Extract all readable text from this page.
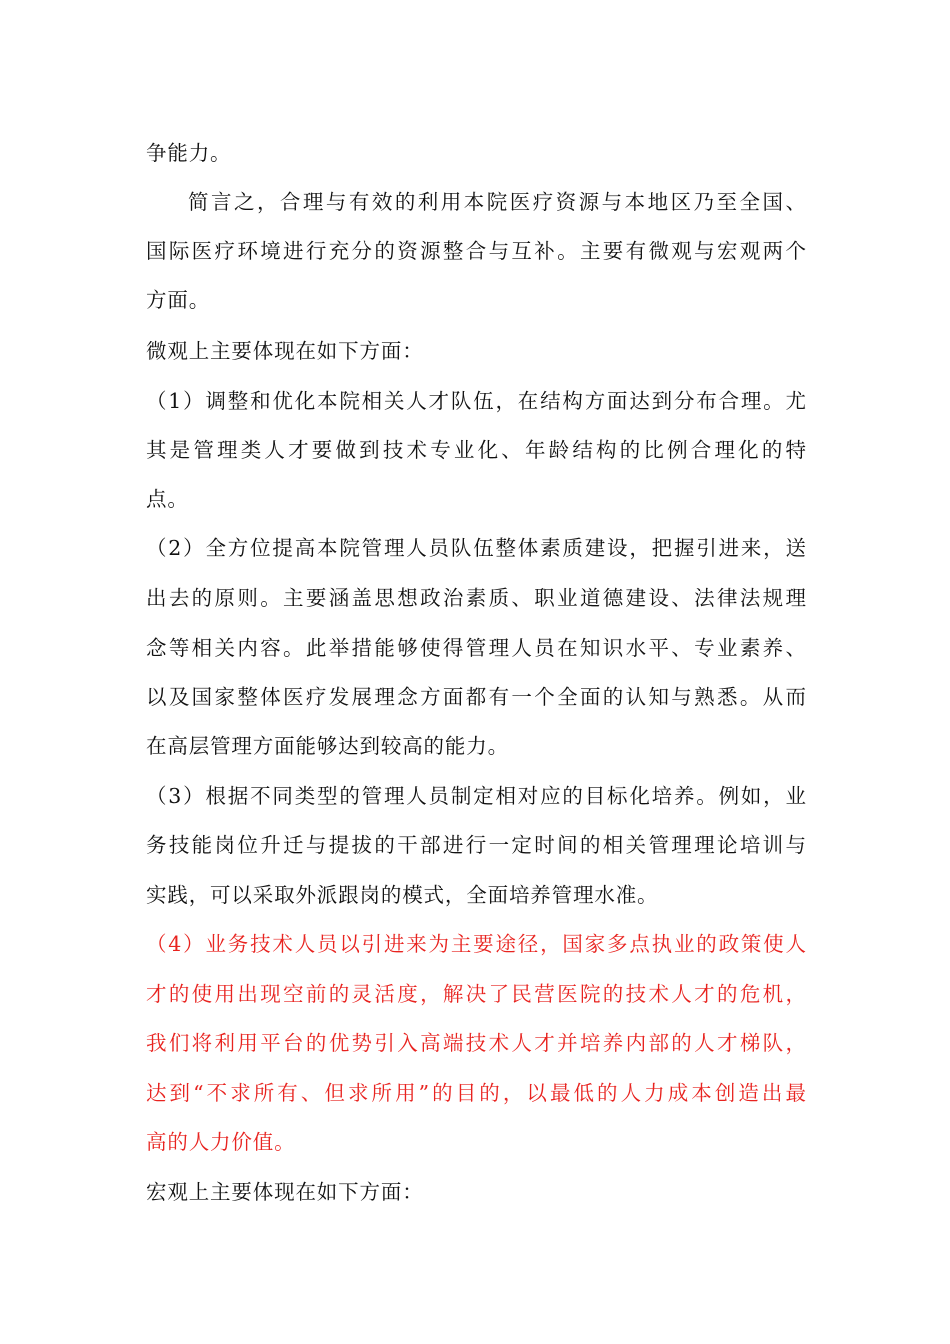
争能力。
简言之，合理与有效的利用本院医疗资源与本地区乃至全国、
国际医疗环境进行充分的资源整合与互补。主要有微观与宏观两个
方面。
微观上主要体现在如下方面：
（1）调整和优化本院相关人才队伍，在结构方面达到分布合理。尤
其是管理类人才要做到技术专业化、年龄结构的比例合理化的特
点。
（2）全方位提高本院管理人员队伍整体素质建设，把握引进来，送
出去的原则。主要涵盖思想政治素质、职业道德建设、法律法规理
念等相关内容。此举措能够使得管理人员在知识水平、专业素养、
以及国家整体医疗发展理念方面都有一个全面的认知与熟悉。从而
在高层管理方面能够达到较高的能力。
（3）根据不同类型的管理人员制定相对应的目标化培养。例如，业
务技能岗位升迁与提拔的干部进行一定时间的相关管理理论培训与
实践，可以采取外派跟岗的模式，全面培养管理水准。
（4）业务技术人员以引进来为主要途径，国家多点执业的政策使人
才的使用出现空前的灵活度，解决了民营医院的技术人才的危机，
我们将利用平台的优势引入高端技术人才并培养内部的人才梯队，
达到“不求所有、但求所用”的目的，以最低的人力成本创造出最
高的人力价值。
宏观上主要体现在如下方面：
